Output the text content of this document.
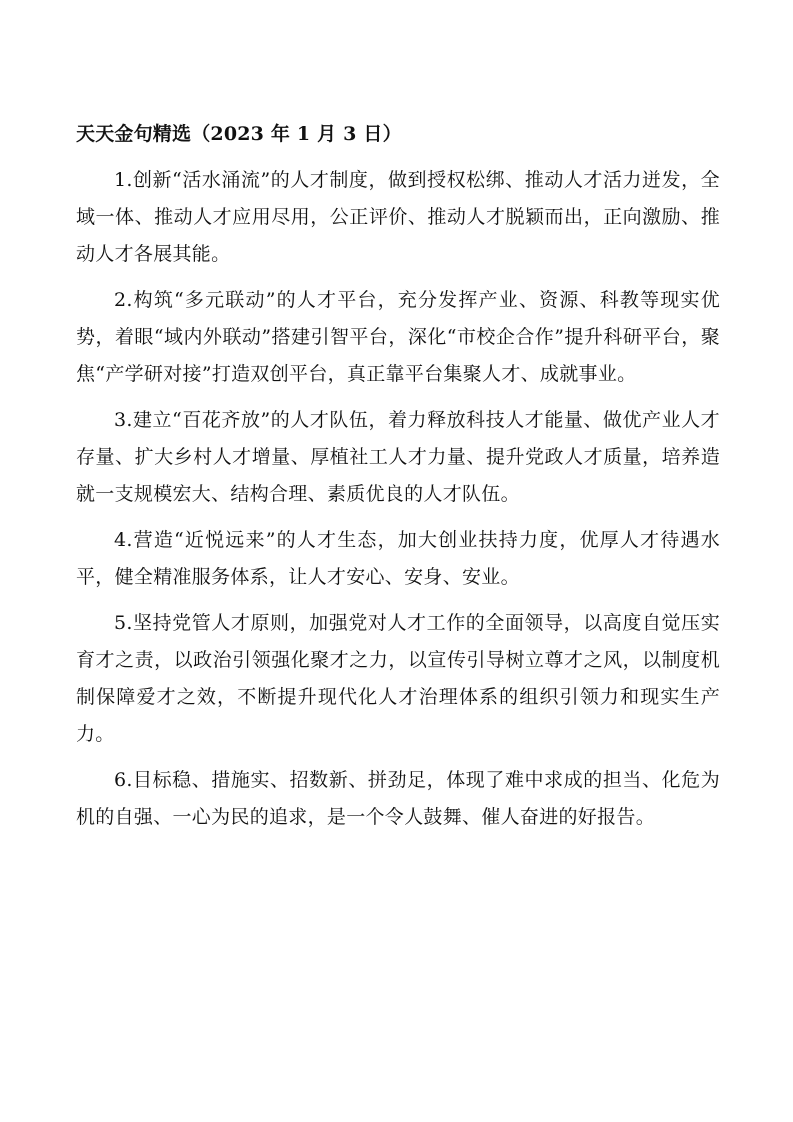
天天金句精选（2023 年 1 月 3 日）

1.创新“活水涌流”的人才制度，做到授权松绑、推动人才活力迸发，全域一体、推动人才应用尽用，公正评价、推动人才脱颖而出，正向激励、推动人才各展其能。

2.构筑“多元联动”的人才平台，充分发挥产业、资源、科教等现实优势，着眼“域内外联动”搭建引智平台，深化“市校企合作”提升科研平台，聚焦“产学研对接”打造双创平台，真正靠平台集聚人才、成就事业。

3.建立“百花齐放”的人才队伍，着力释放科技人才能量、做优产业人才存量、扩大乡村人才增量、厚植社工人才力量、提升党政人才质量，培养造就一支规模宏大、结构合理、素质优良的人才队伍。

4.营造“近悦远来”的人才生态，加大创业扶持力度，优厚人才待遇水平，健全精准服务体系，让人才安心、安身、安业。

5.坚持党管人才原则，加强党对人才工作的全面领导，以高度自觉压实育才之责，以政治引领强化聚才之力，以宣传引导树立尊才之风，以制度机制保障爱才之效，不断提升现代化人才治理体系的组织引领力和现实生产力。

6.目标稳、措施实、招数新、拼劲足，体现了难中求成的担当、化危为机的自强、一心为民的追求，是一个令人鼓舞、催人奋进的好报告。
